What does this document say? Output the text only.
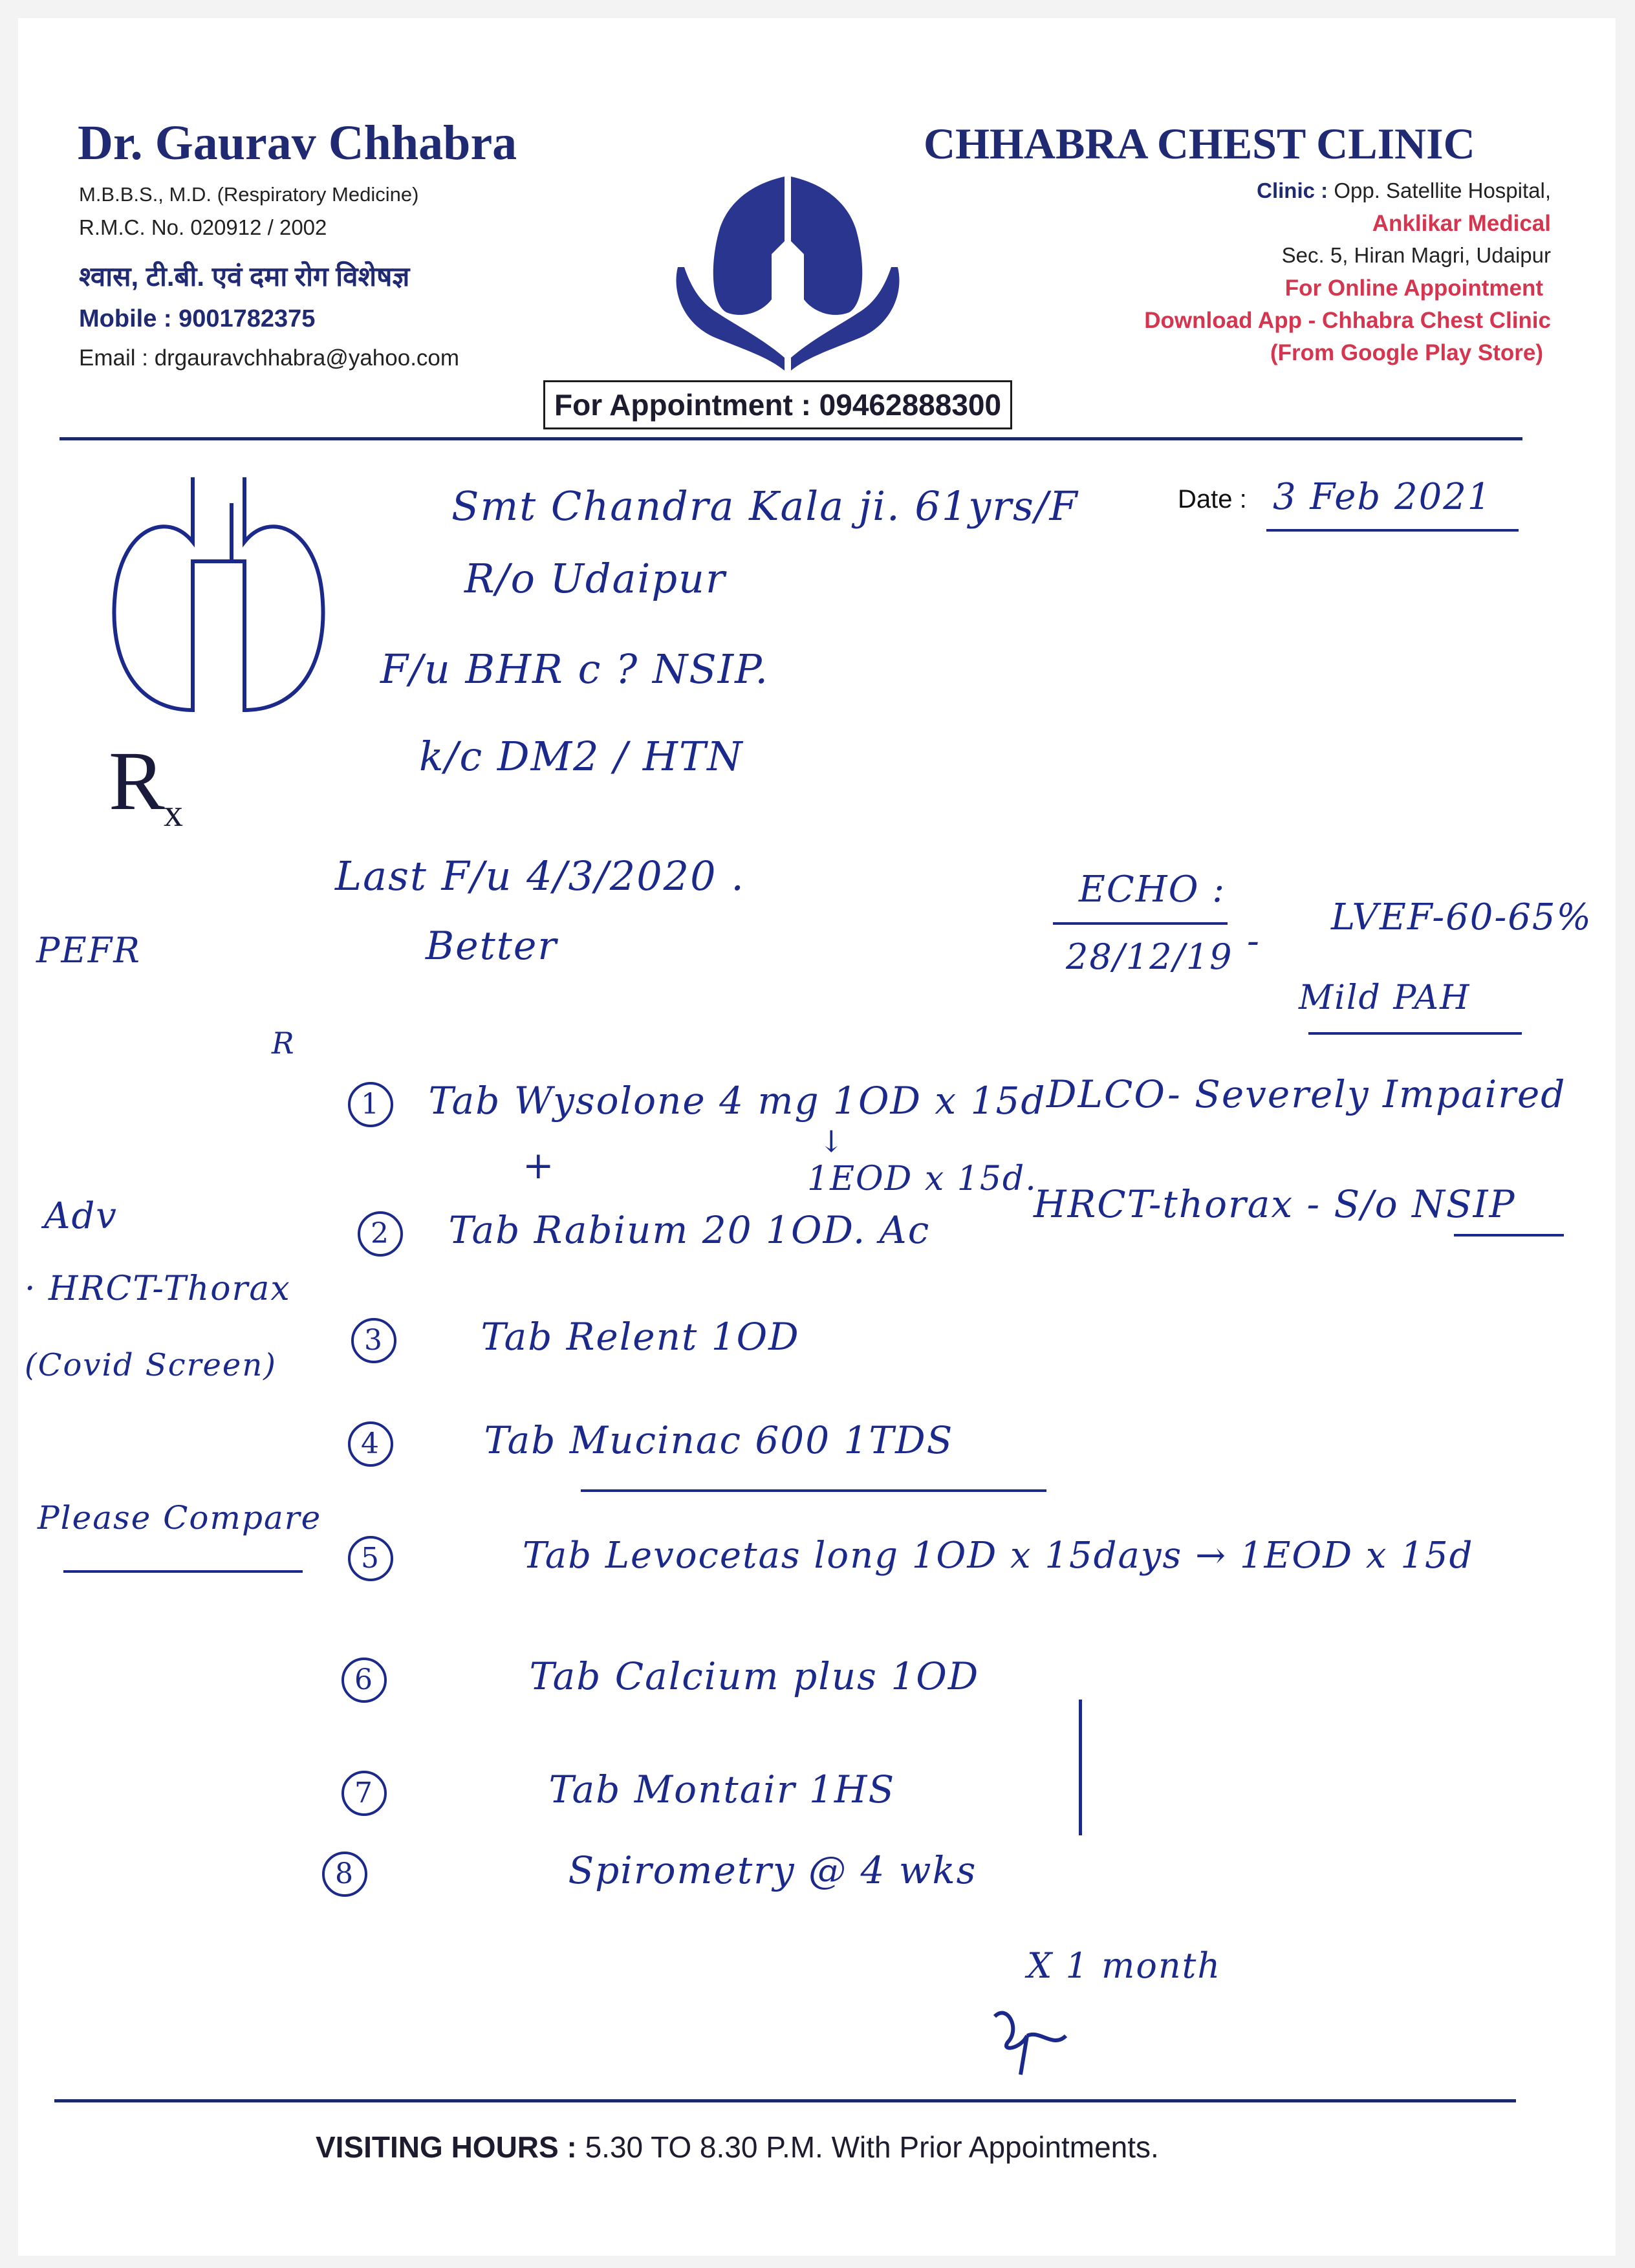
Dr. Gaurav Chhabra
M.B.B.S., M.D. (Respiratory Medicine)
R.M.C. No. 020912 / 2002
श्वास, टी.बी. एवं दमा रोग विशेषज्ञ
Mobile : 9001782375
Email : drgauravchhabra@yahoo.com
CHHABRA CHEST CLINIC
Clinic : Opp. Satellite Hospital,
Anklikar Medical
Sec. 5, Hiran Magri, Udaipur
For Online Appointment
Download App - Chhabra Chest Clinic
(From Google Play Store)
For Appointment : 09462888300
R
x
Date : 3 Feb 2021
Smt Chandra Kala ji. 61yrs/F
R/o Udaipur
F/u BHR c ? NSIP.
k/c DM2 / HTN
Last F/u 4/3/2020 .
Better
ECHO :
28/12/19 -
LVEF-60-65%
Mild PAH
DLCO- Severely Impaired
HRCT-thorax - S/o NSIP
PEFR
R
Adv
· HRCT-Thorax
(Covid Screen)
Please Compare
1 Tab Wysolone 4 mg 1OD x 15d
+
↓
1EOD x 15d.
2 Tab Rabium 20 1OD. Ac
3	Tab Relent 1OD
4	Tab Mucinac 600 1TDS
5	Tab Levocetas long 1OD x 15days → 1EOD x 15d
6	Tab Calcium plus 1OD
7	Tab Montair 1HS
8	Spirometry @ 4 wks
X 1 month
VISITING HOURS : 5.30 TO 8.30 P.M. With Prior Appointments.
